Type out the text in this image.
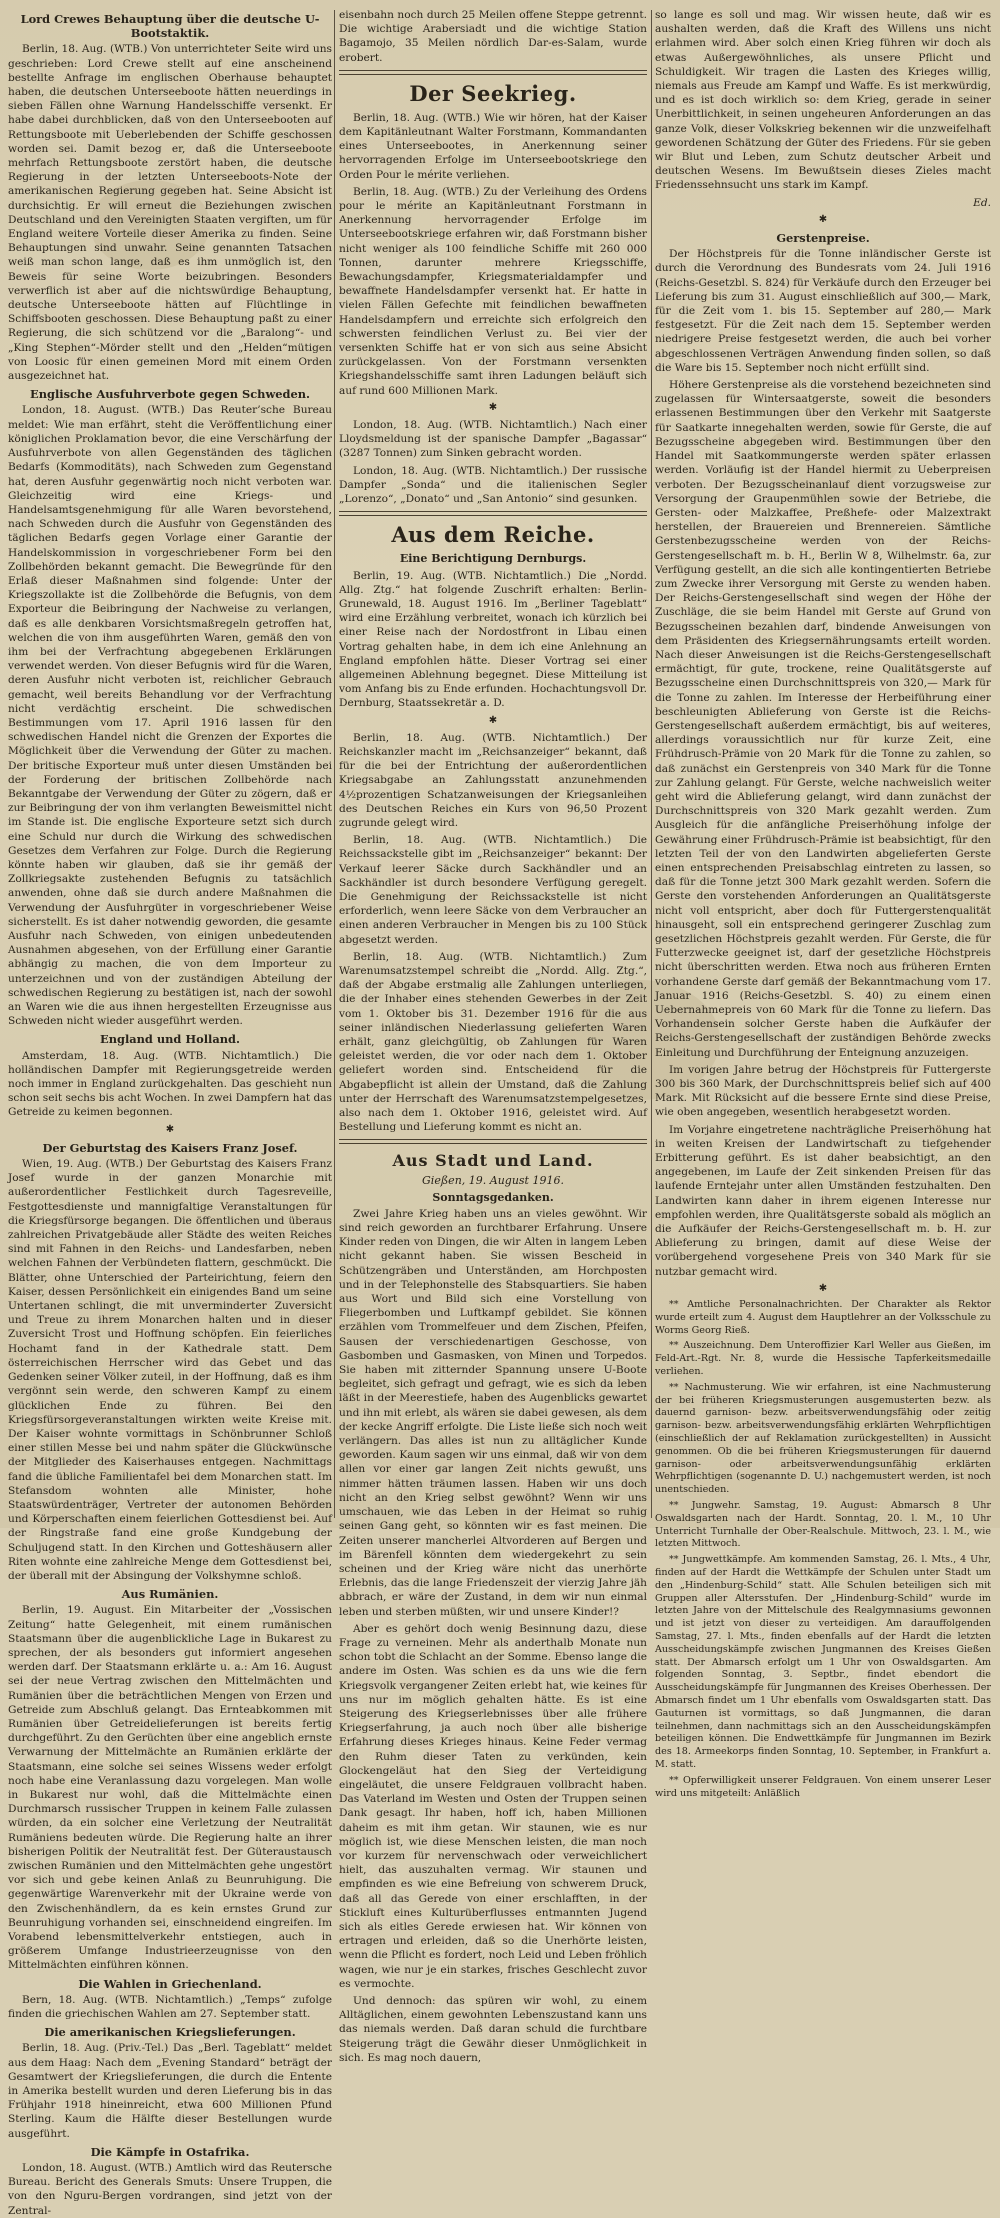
Lord Crewes Behauptung über die deutsche U-Bootstaktik.

Berlin, 18. Aug. (WTB.) Von unterrichteter Seite wird uns geschrieben: Lord Crewe stellt auf eine anscheinend bestellte Anfrage im englischen Oberhause behauptet haben, die deutschen Unterseeboote hätten neuerdings in sieben Fällen ohne Warnung Handelsschiffe versenkt. Er habe dabei durchblicken, daß von den Unterseebooten auf Rettungsboote mit Ueberlebenden der Schiffe geschossen worden sei. Damit bezog er, daß die Unterseeboote mehrfach Rettungsboote zerstört haben, die deutsche Regierung in der letzten Unterseeboots-Note der amerikanischen Regierung gegeben hat. Seine Absicht ist durchsichtig. Er will erneut die Beziehungen zwischen Deutschland und den Vereinigten Staaten vergiften, um für England weitere Vorteile dieser Amerika zu finden. Seine Behauptungen sind unwahr. Seine genannten Tatsachen weiß man schon lange, daß es ihm unmöglich ist, den Beweis für seine Worte beizubringen. Besonders verwerflich ist aber auf die nichtswürdige Behauptung, deutsche Unterseeboote hätten auf Flüchtlinge in Schiffsbooten geschossen. Diese Behauptung paßt zu einer Regierung, die sich schützend vor die „Baralong“- und „King Stephen“-Mörder stellt und den „Helden“mütigen von Loosic für einen gemeinen Mord mit einem Orden ausgezeichnet hat.

Englische Ausfuhrverbote gegen Schweden.

London, 18. August. (WTB.) Das Reuter’sche Bureau meldet: Wie man erfährt, steht die Veröffentlichung einer königlichen Proklamation bevor, die eine Verschärfung der Ausfuhrverbote von allen Gegenständen des täglichen Bedarfs (Kommoditäts), nach Schweden zum Gegenstand hat, deren Ausfuhr gegenwärtig noch nicht verboten war. Gleichzeitig wird eine Kriegs- und Handelsamtsgenehmigung für alle Waren bevorstehend, nach Schweden durch die Ausfuhr von Gegenständen des täglichen Bedarfs gegen Vorlage einer Garantie der Handelskommission in vorgeschriebener Form bei den Zollbehörden bekannt gemacht. Die Bewegründe für den Erlaß dieser Maßnahmen sind folgende: Unter der Kriegszollakte ist die Zollbehörde die Befugnis, von dem Exporteur die Beibringung der Nachweise zu verlangen, daß es alle denkbaren Vorsichtsmaßregeln getroffen hat, welchen die von ihm ausgeführten Waren, gemäß den von ihm bei der Verfrachtung abgegebenen Erklärungen verwendet werden. Von dieser Befugnis wird für die Waren, deren Ausfuhr nicht verboten ist, reichlicher Gebrauch gemacht, weil bereits Behandlung vor der Verfrachtung nicht verdächtig erscheint. Die schwedischen Bestimmungen vom 17. April 1916 lassen für den schwedischen Handel nicht die Grenzen der Exportes die Möglichkeit über die Verwendung der Güter zu machen. Der britische Exporteur muß unter diesen Umständen bei der Forderung der britischen Zollbehörde nach Bekanntgabe der Verwendung der Güter zu zögern, daß er zur Beibringung der von ihm verlangten Beweismittel nicht im Stande ist. Die englische Exporteure setzt sich durch eine Schuld nur durch die Wirkung des schwedischen Gesetzes dem Verfahren zur Folge. Durch die Regierung könnte haben wir glauben, daß sie ihr gemäß der Zollkriegsakte zustehenden Befugnis zu tatsächlich anwenden, ohne daß sie durch andere Maßnahmen die Verwendung der Ausfuhrgüter in vorgeschriebener Weise sicherstellt. Es ist daher notwendig geworden, die gesamte Ausfuhr nach Schweden, von einigen unbedeutenden Ausnahmen abgesehen, von der Erfüllung einer Garantie abhängig zu machen, die von dem Importeur zu unterzeichnen und von der zuständigen Abteilung der schwedischen Regierung zu bestätigen ist, nach der sowohl an Waren wie die aus ihnen hergestellten Erzeugnisse aus Schweden nicht wieder ausgeführt werden.

England und Holland.

Amsterdam, 18. Aug. (WTB. Nichtamtlich.) Die holländischen Dampfer mit Regierungsgetreide werden noch immer in England zurückgehalten. Das geschieht nun schon seit sechs bis acht Wochen. In zwei Dampfern hat das Getreide zu keimen begonnen.

✱
Der Geburtstag des Kaisers Franz Josef.

Wien, 19. Aug. (WTB.) Der Geburtstag des Kaisers Franz Josef wurde in der ganzen Monarchie mit außerordentlicher Festlichkeit durch Tagesreveille, Festgottesdienste und mannigfaltige Veranstaltungen für die Kriegsfürsorge begangen. Die öffentlichen und überaus zahlreichen Privatgebäude aller Städte des weiten Reiches sind mit Fahnen in den Reichs- und Landesfarben, neben welchen Fahnen der Verbündeten flattern, geschmückt. Die Blätter, ohne Unterschied der Parteirichtung, feiern den Kaiser, dessen Persönlichkeit ein einigendes Band um seine Untertanen schlingt, die mit unverminderter Zuversicht und Treue zu ihrem Monarchen halten und in dieser Zuversicht Trost und Hoffnung schöpfen. Ein feierliches Hochamt fand in der Kathedrale statt. Dem österreichischen Herrscher wird das Gebet und das Gedenken seiner Völker zuteil, in der Hoffnung, daß es ihm vergönnt sein werde, den schweren Kampf zu einem glücklichen Ende zu führen. Bei den Kriegsfürsorgeveranstaltungen wirkten weite Kreise mit. Der Kaiser wohnte vormittags in Schönbrunner Schloß einer stillen Messe bei und nahm später die Glückwünsche der Mitglieder des Kaiserhauses entgegen. Nachmittags fand die übliche Familientafel bei dem Monarchen statt. Im Stefansdom wohnten alle Minister, hohe Staatswürdenträger, Vertreter der autonomen Behörden und Körperschaften einem feierlichen Gottesdienst bei. Auf der Ringstraße fand eine große Kundgebung der Schuljugend statt. In den Kirchen und Gotteshäusern aller Riten wohnte eine zahlreiche Menge dem Gottesdienst bei, der überall mit der Absingung der Volkshymne schloß.

Aus Rumänien.

Berlin, 19. August. Ein Mitarbeiter der „Vossischen Zeitung“ hatte Gelegenheit, mit einem rumänischen Staatsmann über die augenblickliche Lage in Bukarest zu sprechen, der als besonders gut informiert angesehen werden darf. Der Staatsmann erklärte u. a.: Am 16. August sei der neue Vertrag zwischen den Mittelmächten und Rumänien über die beträchtlichen Mengen von Erzen und Getreide zum Abschluß gelangt. Das Ernteabkommen mit Rumänien über Getreidelieferungen ist bereits fertig durchgeführt. Zu den Gerüchten über eine angeblich ernste Verwarnung der Mittelmächte an Rumänien erklärte der Staatsmann, eine solche sei seines Wissens weder erfolgt noch habe eine Veranlassung dazu vorgelegen. Man wolle in Bukarest nur wohl, daß die Mittelmächte einen Durchmarsch russischer Truppen in keinem Falle zulassen würden, da ein solcher eine Verletzung der Neutralität Rumäniens bedeuten würde. Die Regierung halte an ihrer bisherigen Politik der Neutralität fest. Der Güteraustausch zwischen Rumänien und den Mittelmächten gehe ungestört vor sich und gebe keinen Anlaß zu Beunruhigung. Die gegenwärtige Warenverkehr mit der Ukraine werde von den Zwischenhändlern, da es kein ernstes Grund zur Beunruhigung vorhanden sei, einschneidend eingreifen. Im Vorabend lebensmittelverkehr entstiegen, auch in größerem Umfange Industrieerzeugnisse von den Mittelmächten einführen können.

Die Wahlen in Griechenland.

Bern, 18. Aug. (WTB. Nichtamtlich.) „Temps“ zufolge finden die griechischen Wahlen am 27. September statt.

Die amerikanischen Kriegslieferungen.

Berlin, 18. Aug. (Priv.-Tel.) Das „Berl. Tageblatt“ meldet aus dem Haag: Nach dem „Evening Standard“ beträgt der Gesamtwert der Kriegslieferungen, die durch die Entente in Amerika bestellt wurden und deren Lieferung bis in das Frühjahr 1918 hineinreicht, etwa 600 Millionen Pfund Sterling. Kaum die Hälfte dieser Bestellungen wurde ausgeführt.

Die Kämpfe in Ostafrika.

London, 18. August. (WTB.) Amtlich wird das Reutersche Bureau. Bericht des Generals Smuts: Unsere Truppen, die von den Nguru-Bergen vordrangen, sind jetzt von der Zentral-

eisenbahn noch durch 25 Meilen offene Steppe getrennt. Die wichtige Arabersiadt und die wichtige Station Bagamojo, 35 Meilen nördlich Dar-es-Salam, wurde erobert.

Der Seekrieg.

Berlin, 18. Aug. (WTB.) Wie wir hören, hat der Kaiser dem Kapitänleutnant Walter Forstmann, Kommandanten eines Unterseebootes, in Anerkennung seiner hervorragenden Erfolge im Unterseebootskriege den Orden Pour le mérite verliehen.

Berlin, 18. Aug. (WTB.) Zu der Verleihung des Ordens pour le mérite an Kapitänleutnant Forstmann in Anerkennung hervorragender Erfolge im Unterseebootskriege erfahren wir, daß Forstmann bisher nicht weniger als 100 feindliche Schiffe mit 260 000 Tonnen, darunter mehrere Kriegsschiffe, Bewachungsdampfer, Kriegsmaterialdampfer und bewaffnete Handelsdampfer versenkt hat. Er hatte in vielen Fällen Gefechte mit feindlichen bewaffneten Handelsdampfern und erreichte sich erfolgreich den schwersten feindlichen Verlust zu. Bei vier der versenkten Schiffe hat er von sich aus seine Absicht zurückgelassen. Von der Forstmann versenkten Kriegshandelsschiffe samt ihren Ladungen beläuft sich auf rund 600 Millionen Mark.

✱

London, 18. Aug. (WTB. Nichtamtlich.) Nach einer Lloydsmeldung ist der spanische Dampfer „Bagassar“ (3287 Tonnen) zum Sinken gebracht worden.

London, 18. Aug. (WTB. Nichtamtlich.) Der russische Dampfer „Sonda“ und die italienischen Segler „Lorenzo“, „Donato“ und „San Antonio“ sind gesunken.

Aus dem Reiche.
Eine Berichtigung Dernburgs.

Berlin, 19. Aug. (WTB. Nichtamtlich.) Die „Nordd. Allg. Ztg.“ hat folgende Zuschrift erhalten: Berlin-Grunewald, 18. August 1916. Im „Berliner Tageblatt“ wird eine Erzählung verbreitet, wonach ich kürzlich bei einer Reise nach der Nordostfront in Libau einen Vortrag gehalten habe, in dem ich eine Anlehnung an England empfohlen hätte. Dieser Vortrag sei einer allgemeinen Ablehnung begegnet. Diese Mitteilung ist vom Anfang bis zu Ende erfunden. Hochachtungsvoll Dr. Dernburg, Staatssekretär a. D.

✱

Berlin, 18. Aug. (WTB. Nichtamtlich.) Der Reichskanzler macht im „Reichsanzeiger“ bekannt, daß für die bei der Entrichtung der außerordentlichen Kriegsabgabe an Zahlungsstatt anzunehmenden 4½prozentigen Schatzanweisungen der Kriegsanleihen des Deutschen Reiches ein Kurs von 96,50 Prozent zugrunde gelegt wird.

Berlin, 18. Aug. (WTB. Nichtamtlich.) Die Reichssackstelle gibt im „Reichsanzeiger“ bekannt: Der Verkauf leerer Säcke durch Sackhändler und an Sackhändler ist durch besondere Verfügung geregelt. Die Genehmigung der Reichssackstelle ist nicht erforderlich, wenn leere Säcke von dem Verbraucher an einen anderen Verbraucher in Mengen bis zu 100 Stück abgesetzt werden.

Berlin, 18. Aug. (WTB. Nichtamtlich.) Zum Warenumsatzstempel schreibt die „Nordd. Allg. Ztg.“, daß der Abgabe erstmalig alle Zahlungen unterliegen, die der Inhaber eines stehenden Gewerbes in der Zeit vom 1. Oktober bis 31. Dezember 1916 für die aus seiner inländischen Niederlassung gelieferten Waren erhält, ganz gleichgültig, ob Zahlungen für Waren geleistet werden, die vor oder nach dem 1. Oktober geliefert worden sind. Entscheidend für die Abgabepflicht ist allein der Umstand, daß die Zahlung unter der Herrschaft des Warenumsatzstempelgesetzes, also nach dem 1. Oktober 1916, geleistet wird. Auf Bestellung und Lieferung kommt es nicht an.

Aus Stadt und Land.
Gießen, 19. August 1916.
Sonntagsgedanken.

Zwei Jahre Krieg haben uns an vieles gewöhnt. Wir sind reich geworden an furchtbarer Erfahrung. Unsere Kinder reden von Dingen, die wir Alten in langem Leben nicht gekannt haben. Sie wissen Bescheid in Schützengräben und Unterständen, am Horchposten und in der Telephonstelle des Stabsquartiers. Sie haben aus Wort und Bild sich eine Vorstellung von Fliegerbomben und Luftkampf gebildet. Sie können erzählen vom Trommelfeuer und dem Zischen, Pfeifen, Sausen der verschiedenartigen Geschosse, von Gasbomben und Gasmasken, von Minen und Torpedos. Sie haben mit zitternder Spannung unsere U-Boote begleitet, sich gefragt und gefragt, wie es sich da leben läßt in der Meerestiefe, haben des Augenblicks gewartet und ihn mit erlebt, als wären sie dabei gewesen, als dem der kecke Angriff erfolgte. Die Liste ließe sich noch weit verlängern. Das alles ist nun zu alltäglicher Kunde geworden. Kaum sagen wir uns einmal, daß wir von dem allen vor einer gar langen Zeit nichts gewußt, uns nimmer hätten träumen lassen. Haben wir uns doch nicht an den Krieg selbst gewöhnt? Wenn wir uns umschauen, wie das Leben in der Heimat so ruhig seinen Gang geht, so könnten wir es fast meinen. Die Zeiten unserer mancherlei Altvorderen auf Bergen und im Bärenfell könnten dem wiedergekehrt zu sein scheinen und der Krieg wäre nicht das unerhörte Erlebnis, das die lange Friedenszeit der vierzig Jahre jäh abbrach, er wäre der Zustand, in dem wir nun einmal leben und sterben müßten, wir und unsere Kinder!?

Aber es gehört doch wenig Besinnung dazu, diese Frage zu verneinen. Mehr als anderthalb Monate nun schon tobt die Schlacht an der Somme. Ebenso lange die andere im Osten. Was schien es da uns wie die fern Kriegsvolk vergangener Zeiten erlebt hat, wie keines für uns nur im möglich gehalten hätte. Es ist eine Steigerung des Kriegserlebnisses über alle frühere Kriegserfahrung, ja auch noch über alle bisherige Erfahrung dieses Krieges hinaus. Keine Feder vermag den Ruhm dieser Taten zu verkünden, kein Glockengeläut hat den Sieg der Verteidigung eingeläutet, die unsere Feldgrauen vollbracht haben. Das Vaterland im Westen und Osten der Truppen seinen Dank gesagt. Ihr haben, hoff ich, haben Millionen daheim es mit ihm getan. Wir staunen, wie es nur möglich ist, wie diese Menschen leisten, die man noch vor kurzem für nervenschwach oder verweichlichert hielt, das auszuhalten vermag. Wir staunen und empfinden es wie eine Befreiung von schwerem Druck, daß all das Gerede von einer erschlafften, in der Stickluft eines Kulturüberflusses entmannten Jugend sich als eitles Gerede erwiesen hat. Wir können von ertragen und erleiden, daß so die Unerhörte leisten, wenn die Pflicht es fordert, noch Leid und Leben fröhlich wagen, wie nur je ein starkes, frisches Geschlecht zuvor es vermochte.

Und dennoch: das spüren wir wohl, zu einem Alltäglichen, einem gewohnten Lebenszustand kann uns das niemals werden. Daß daran schuld die furchtbare Steigerung trägt die Gewähr dieser Unmöglichkeit in sich. Es mag noch dauern,

so lange es soll und mag. Wir wissen heute, daß wir es aushalten werden, daß die Kraft des Willens uns nicht erlahmen wird. Aber solch einen Krieg führen wir doch als etwas Außergewöhnliches, als unsere Pflicht und Schuldigkeit. Wir tragen die Lasten des Krieges willig, niemals aus Freude am Kampf und Waffe. Es ist merkwürdig, und es ist doch wirklich so: dem Krieg, gerade in seiner Unerbittlichkeit, in seinen ungeheuren Anforderungen an das ganze Volk, dieser Volkskrieg bekennen wir die unzweifelhaft gewordenen Schätzung der Güter des Friedens. Für sie geben wir Blut und Leben, zum Schutz deutscher Arbeit und deutschen Wesens. Im Bewußtsein dieses Zieles macht Friedenssehnsucht uns stark im Kampf.

Ed.
✱
Gerstenpreise.

Der Höchstpreis für die Tonne inländischer Gerste ist durch die Verordnung des Bundesrats vom 24. Juli 1916 (Reichs-Gesetzbl. S. 824) für Verkäufe durch den Erzeuger bei Lieferung bis zum 31. August einschließlich auf 300,— Mark, für die Zeit vom 1. bis 15. September auf 280,— Mark festgesetzt. Für die Zeit nach dem 15. September werden niedrigere Preise festgesetzt werden, die auch bei vorher abgeschlossenen Verträgen Anwendung finden sollen, so daß die Ware bis 15. September noch nicht erfüllt sind.

Höhere Gerstenpreise als die vorstehend bezeichneten sind zugelassen für Wintersaatgerste, soweit die besonders erlassenen Bestimmungen über den Verkehr mit Saatgerste für Saatkarte innegehalten werden, sowie für Gerste, die auf Bezugsscheine abgegeben wird. Bestimmungen über den Handel mit Saatkommungerste werden später erlassen werden. Vorläufig ist der Handel hiermit zu Ueberpreisen verboten. Der Bezugsscheinanlauf dient vorzugsweise zur Versorgung der Graupenmühlen sowie der Betriebe, die Gersten- oder Malzkaffee, Preßhefe- oder Malzextrakt herstellen, der Brauereien und Brennereien. Sämtliche Gerstenbezugsscheine werden von der Reichs-Gerstengesellschaft m. b. H., Berlin W 8, Wilhelmstr. 6a, zur Verfügung gestellt, an die sich alle kontingentierten Betriebe zum Zwecke ihrer Versorgung mit Gerste zu wenden haben. Der Reichs-Gerstengesellschaft sind wegen der Höhe der Zuschläge, die sie beim Handel mit Gerste auf Grund von Bezugsscheinen bezahlen darf, bindende Anweisungen von dem Präsidenten des Kriegsernährungsamts erteilt worden. Nach dieser Anweisungen ist die Reichs-Gerstengesellschaft ermächtigt, für gute, trockene, reine Qualitätsgerste auf Bezugsscheine einen Durchschnittspreis von 320,— Mark für die Tonne zu zahlen. Im Interesse der Herbeiführung einer beschleunigten Ablieferung von Gerste ist die Reichs-Gerstengesellschaft außerdem ermächtigt, bis auf weiteres, allerdings voraussichtlich nur für kurze Zeit, eine Frühdrusch-Prämie von 20 Mark für die Tonne zu zahlen, so daß zunächst ein Gerstenpreis von 340 Mark für die Tonne zur Zahlung gelangt. Für Gerste, welche nachweislich weiter geht wird die Ablieferung gelangt, wird dann zunächst der Durchschnittspreis von 320 Mark gezahlt werden. Zum Ausgleich für die anfängliche Preiserhöhung infolge der Gewährung einer Frühdrusch-Prämie ist beabsichtigt, für den letzten Teil der von den Landwirten abgelieferten Gerste einen entsprechenden Preisabschlag eintreten zu lassen, so daß für die Tonne jetzt 300 Mark gezahlt werden. Sofern die Gerste den vorstehenden Anforderungen an Qualitätsgerste nicht voll entspricht, aber doch für Futtergerstenqualität hinausgeht, soll ein entsprechend geringerer Zuschlag zum gesetzlichen Höchstpreis gezahlt werden. Für Gerste, die für Futterzwecke geeignet ist, darf der gesetzliche Höchstpreis nicht überschritten werden. Etwa noch aus früheren Ernten vorhandene Gerste darf gemäß der Bekanntmachung vom 17. Januar 1916 (Reichs-Gesetzbl. S. 40) zu einem einen Uebernahmepreis von 60 Mark für die Tonne zu liefern. Das Vorhandensein solcher Gerste haben die Aufkäufer der Reichs-Gerstengesellschaft der zuständigen Behörde zwecks Einleitung und Durchführung der Enteignung anzuzeigen.

Im vorigen Jahre betrug der Höchstpreis für Futtergerste 300 bis 360 Mark, der Durchschnittspreis belief sich auf 400 Mark. Mit Rücksicht auf die bessere Ernte sind diese Preise, wie oben angegeben, wesentlich herabgesetzt worden.

Im Vorjahre eingetretene nachträgliche Preiserhöhung hat in weiten Kreisen der Landwirtschaft zu tiefgehender Erbitterung geführt. Es ist daher beabsichtigt, an den angegebenen, im Laufe der Zeit sinkenden Preisen für das laufende Erntejahr unter allen Umständen festzuhalten. Den Landwirten kann daher in ihrem eigenen Interesse nur empfohlen werden, ihre Qualitätsgerste sobald als möglich an die Aufkäufer der Reichs-Gerstengesellschaft m. b. H. zur Ablieferung zu bringen, damit auf diese Weise der vorübergehend vorgesehene Preis von 340 Mark für sie nutzbar gemacht wird.

✱

** Amtliche Personalnachrichten. Der Charakter als Rektor wurde erteilt zum 4. August dem Hauptlehrer an der Volksschule zu Worms Georg Rieß.

** Auszeichnung. Dem Unteroffizier Karl Weller aus Gießen, im Feld-Art.-Rgt. Nr. 8, wurde die Hessische Tapferkeitsmedaille verliehen.

** Nachmusterung. Wie wir erfahren, ist eine Nachmusterung der bei früheren Kriegsmusterungen ausgemusterten bezw. als dauernd garnison- bezw. arbeitsverwendungsfähig oder zeitig garnison- bezw. arbeitsverwendungsfähig erklärten Wehrpflichtigen (einschließlich der auf Reklamation zurückgestellten) in Aussicht genommen. Ob die bei früheren Kriegsmusterungen für dauernd garnison- oder arbeitsverwendungsunfähig erklärten Wehrpflichtigen (sogenannte D. U.) nachgemustert werden, ist noch unentschieden.

** Jungwehr. Samstag, 19. August: Abmarsch 8 Uhr Oswaldsgarten nach der Hardt. Sonntag, 20. l. M., 10 Uhr Unterricht Turnhalle der Ober-Realschule. Mittwoch, 23. l. M., wie letzten Mittwoch.

** Jungwettkämpfe. Am kommenden Samstag, 26. l. Mts., 4 Uhr, finden auf der Hardt die Wettkämpfe der Schulen unter Stadt um den „Hindenburg-Schild“ statt. Alle Schulen beteiligen sich mit Gruppen aller Altersstufen. Der „Hindenburg-Schild“ wurde im letzten Jahre von der Mittelschule des Realgymnasiums gewonnen und ist jetzt von dieser zu verteidigen. Am darauffolgenden Samstag, 27. l. Mts., finden ebenfalls auf der Hardt die letzten Ausscheidungskämpfe zwischen Jungmannen des Kreises Gießen statt. Der Abmarsch erfolgt um 1 Uhr von Oswaldsgarten. Am folgenden Sonntag, 3. Septbr., findet ebendort die Ausscheidungskämpfe für Jungmannen des Kreises Oberhessen. Der Abmarsch findet um 1 Uhr ebenfalls vom Oswaldsgarten statt. Das Gauturnen ist vormittags, so daß Jungmannen, die daran teilnehmen, dann nachmittags sich an den Ausscheidungskämpfen beteiligen können. Die Endwettkämpfe für Jungmannen im Bezirk des 18. Armeekorps finden Sonntag, 10. September, in Frankfurt a. M. statt.

** Opferwilligkeit unserer Feldgrauen. Von einem unserer Leser wird uns mitgeteilt: Anläßlich
